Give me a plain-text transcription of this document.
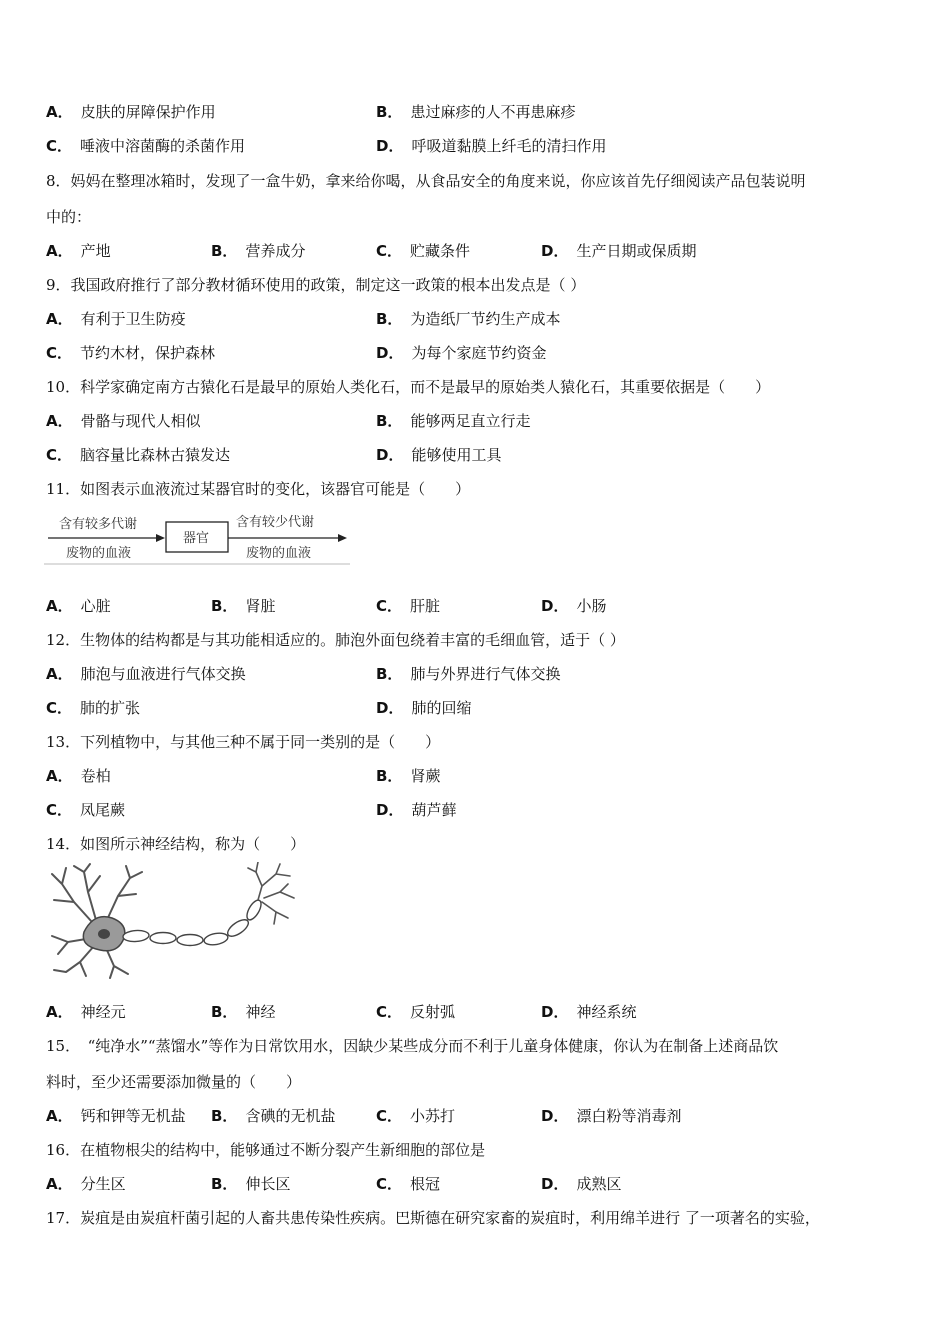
A． 皮肤的屏障保护作用	B． 患过麻疹的人不再患麻疹
C． 唾液中溶菌酶的杀菌作用	D． 呼吸道黏膜上纤毛的清扫作用
8．妈妈在整理冰箱时，发现了一盒牛奶，拿来给你喝，从食品安全的角度来说，你应该首先仔细阅读产品包装说明
中的：
A． 产地	B． 营养成分	C． 贮藏条件	D． 生产日期或保质期
9．我国政府推行了部分教材循环使用的政策，制定这一政策的根本出发点是（ ）
A． 有利于卫生防疫	B． 为造纸厂节约生产成本
C． 节约木材，保护森林	D． 为每个家庭节约资金
10．科学家确定南方古猿化石是最早的原始人类化石，而不是最早的原始类人猿化石，其重要依据是（　　）
A． 骨骼与现代人相似	B． 能够两足直立行走
C． 脑容量比森林古猿发达	D． 能够使用工具
11．如图表示血液流过某器官时的变化，该器官可能是（　　）
含有较多代谢
废物的血液
器官
含有较少代谢
废物的血液
A． 心脏	B． 肾脏	C． 肝脏	D． 小肠
12．生物体的结构都是与其功能相适应的。肺泡外面包绕着丰富的毛细血管，适于（ ）
A． 肺泡与血液进行气体交换	B． 肺与外界进行气体交换
C． 肺的扩张	D． 肺的回缩
13．下列植物中，与其他三种不属于同一类别的是（　　）
A． 卷柏	B． 肾蕨
C． 凤尾蕨	D． 葫芦藓
14．如图所示神经结构，称为（　　）
A． 神经元	B． 神经	C． 反射弧	D． 神经系统
15．　“纯净水”“蒸馏水”等作为日常饮用水，因缺少某些成分而不利于儿童身体健康，你认为在制备上述商品饮
料时，至少还需要添加微量的（　　）
A． 钙和钾等无机盐 B． 含碘的无机盐	C． 小苏打	D． 漂白粉等消毒剂
16．在植物根尖的结构中，能够通过不断分裂产生新细胞的部位是
A． 分生区	B． 伸长区	C． 根冠	D． 成熟区
17．炭疽是由炭疽杆菌引起的人畜共患传染性疾病。巴斯德在研究家畜的炭疽时，利用绵羊进行 了一项著名的实验，
